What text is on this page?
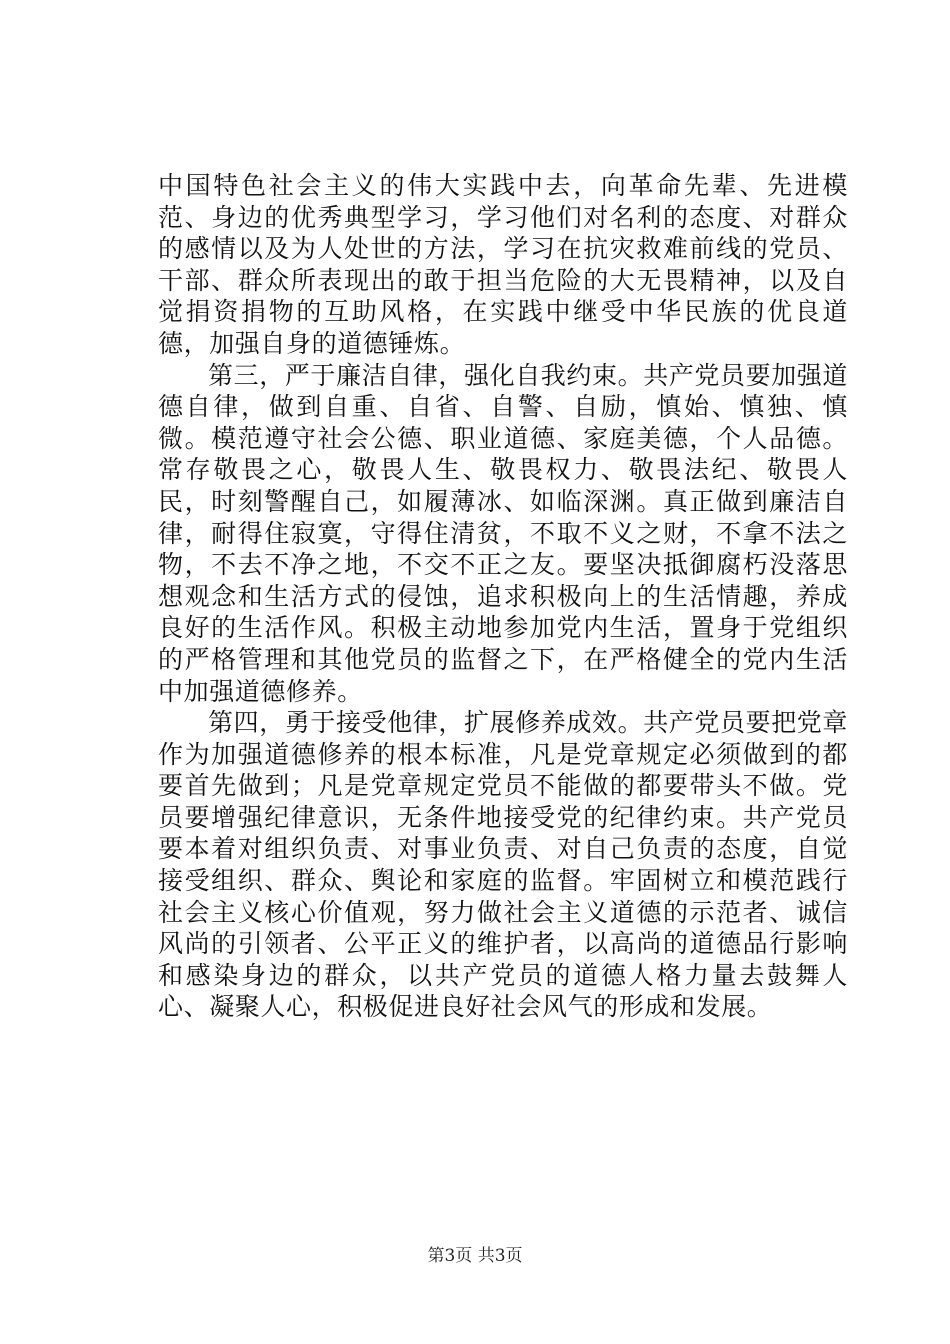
中国特色社会主义的伟大实践中去，向革命先辈、先进模范、身边的优秀典型学习，学习他们对名利的态度、对群众的感情以及为人处世的方法，学习在抗灾救难前线的党员、干部、群众所表现出的敢于担当危险的大无畏精神，以及自觉捐资捐物的互助风格，在实践中继受中华民族的优良道德，加强自身的道德锤炼。

第三，严于廉洁自律，强化自我约束。共产党员要加强道德自律，做到自重、自省、自警、自励，慎始、慎独、慎微。模范遵守社会公德、职业道德、家庭美德，个人品德。常存敬畏之心，敬畏人生、敬畏权力、敬畏法纪、敬畏人民，时刻警醒自己，如履薄冰、如临深渊。真正做到廉洁自律，耐得住寂寞，守得住清贫，不取不义之财，不拿不法之物，不去不净之地，不交不正之友。要坚决抵御腐朽没落思想观念和生活方式的侵蚀，追求积极向上的生活情趣，养成良好的生活作风。积极主动地参加党内生活，置身于党组织的严格管理和其他党员的监督之下，在严格健全的党内生活中加强道德修养。

第四，勇于接受他律，扩展修养成效。共产党员要把党章作为加强道德修养的根本标准，凡是党章规定必须做到的都要首先做到；凡是党章规定党员不能做的都要带头不做。党员要增强纪律意识，无条件地接受党的纪律约束。共产党员要本着对组织负责、对事业负责、对自己负责的态度，自觉接受组织、群众、舆论和家庭的监督。牢固树立和模范践行社会主义核心价值观，努力做社会主义道德的示范者、诚信风尚的引领者、公平正义的维护者，以高尚的道德品行影响和感染身边的群众，以共产党员的道德人格力量去鼓舞人心、凝聚人心，积极促进良好社会风气的形成和发展。

第3页 共3页
